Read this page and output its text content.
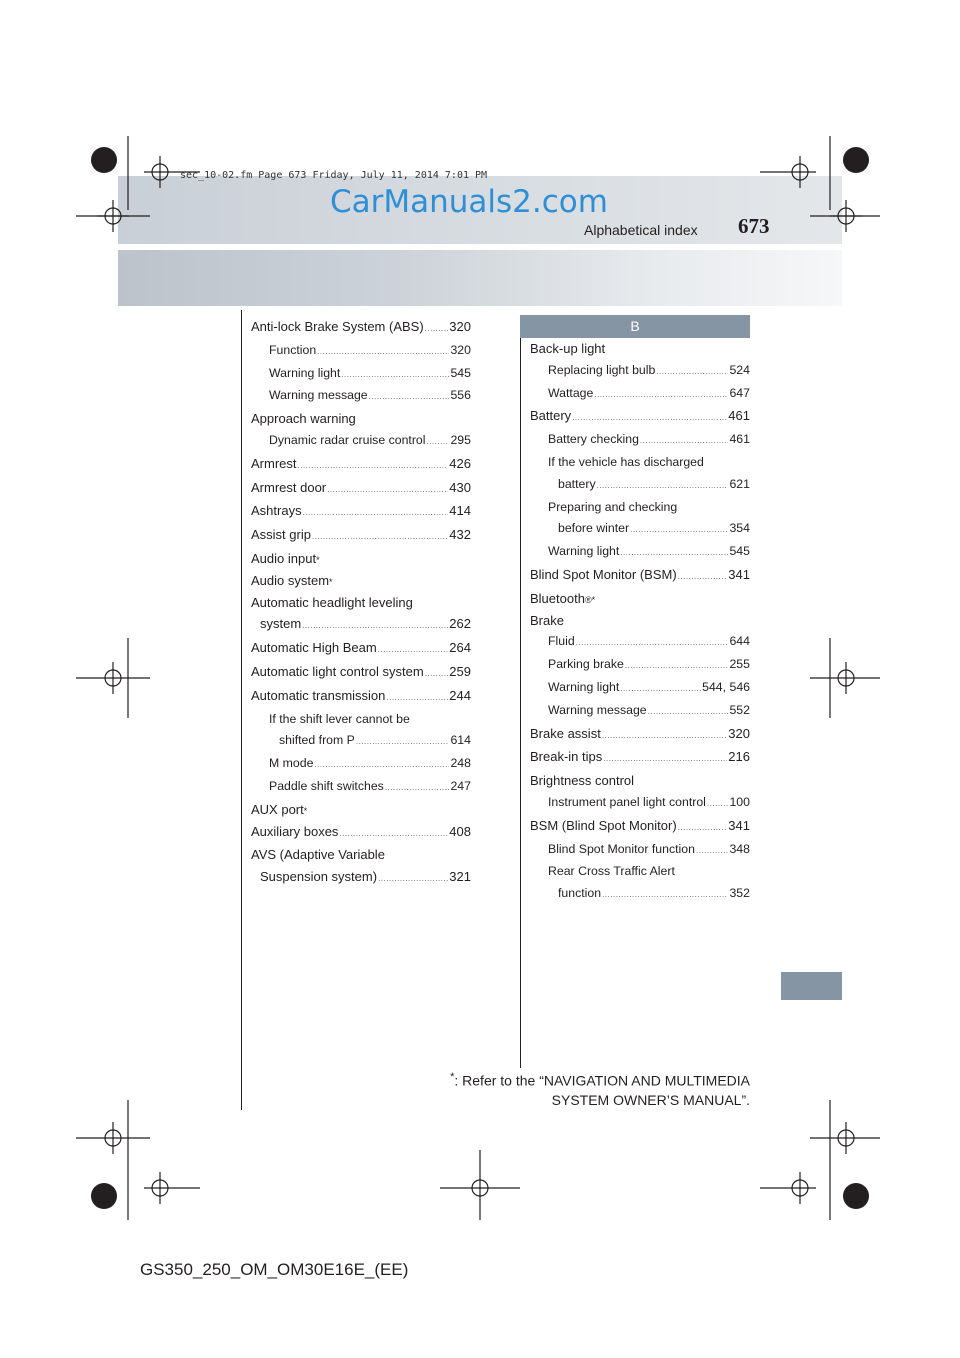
sec_10-02.fm Page 673 Friday, July 11, 2014 7:01 PM
CarManuals2.com
Alphabetical index 673
B
Anti-lock Brake System (ABS) ..... 320
Function .....	320
Warning light .....	545
Warning message .....	556
Approach warning
Dynamic radar cruise control ..... 295
Armrest .....	426
Armrest door .....	430
Ashtrays .....	414
Assist grip .....	432
Audio input *
Audio system *
Automatic headlight leveling
system .....	262
Automatic High Beam .....	264
Automatic light control system ..... 259
Automatic transmission .....	244
If the shift lever cannot be
shifted from P .....	614
M mode .....	248
Paddle shift switches .....	247
AUX port *
Auxiliary boxes .....	408
AVS (Adaptive Variable
Suspension system) .....	321
Back-up light
Replacing light bulb .....	524
Wattage .....	647
Battery .....	461
Battery checking .....	461
If the vehicle has discharged
battery .....	621
Preparing and checking
before winter .....	354
Warning light .....	545
Blind Spot Monitor (BSM) .....	341
Bluetooth ®*
Brake
Fluid .....	644
Parking brake .....	255
Warning light .....	544, 546
Warning message .....	552
Brake assist .....	320
Break-in tips .....	216
Brightness control
Instrument panel light control ..... 100
BSM (Blind Spot Monitor) .....	341
Blind Spot Monitor function .....	348
Rear Cross Traffic Alert
function .....	352
*: Refer to the “NAVIGATION AND MULTIMEDIA
SYSTEM OWNER’S MANUAL”.
GS350_250_OM_OM30E16E_(EE)
